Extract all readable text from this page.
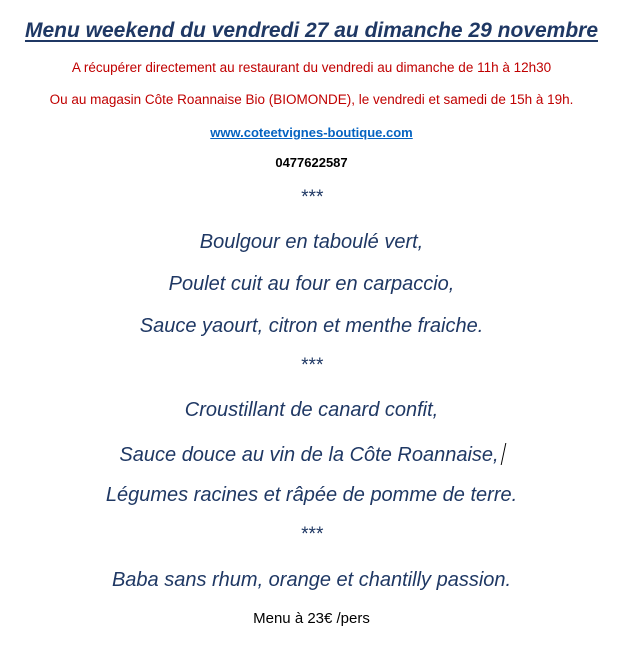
Menu weekend du vendredi 27 au dimanche 29 novembre
A récupérer directement au restaurant du vendredi au dimanche de 11h à 12h30
Ou au magasin Côte Roannaise Bio (BIOMONDE), le vendredi et samedi de 15h à 19h.
www.coteetvignes-boutique.com
0477622587
***
Boulgour en taboulé vert,
Poulet cuit au four en carpaccio,
Sauce yaourt, citron et menthe fraiche.
***
Croustillant de canard confit,
Sauce douce au vin de la Côte Roannaise,
Légumes racines et râpée de pomme de terre.
***
Baba sans rhum, orange et chantilly passion.
Menu à 23€ /pers
